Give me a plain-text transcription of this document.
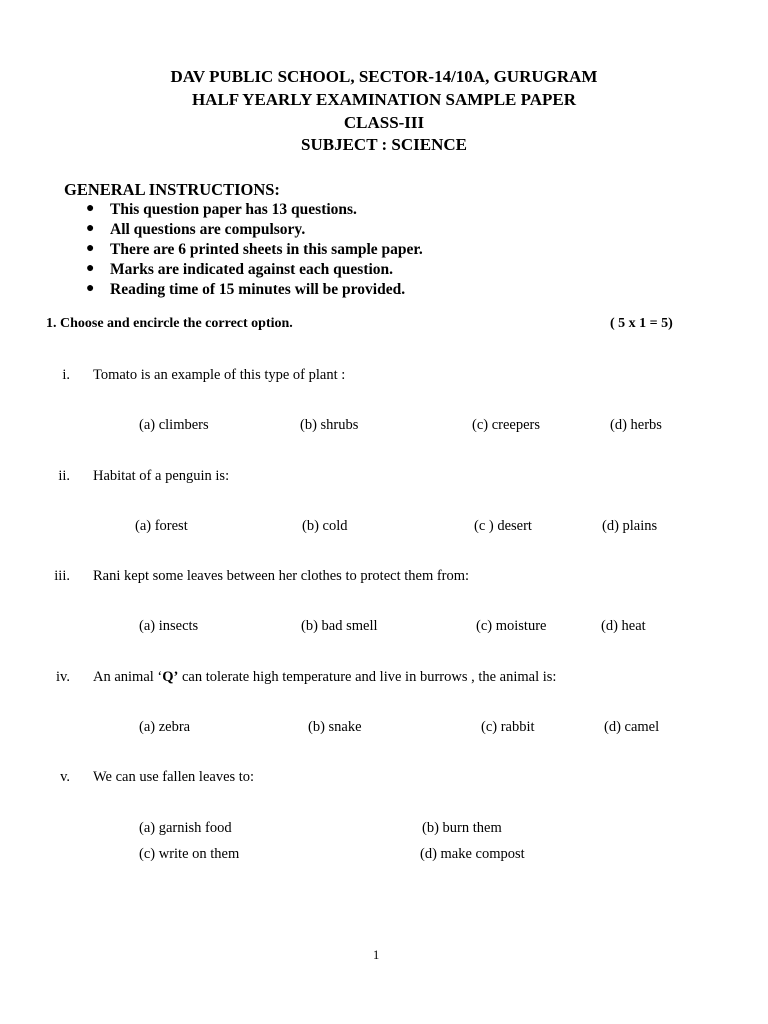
DAV PUBLIC SCHOOL, SECTOR-14/10A, GURUGRAM
HALF YEARLY EXAMINATION SAMPLE PAPER
CLASS-III
SUBJECT : SCIENCE
GENERAL INSTRUCTIONS:
● This question paper has 13 questions.
● All questions are compulsory.
● There are 6 printed sheets in this sample paper.
● Marks are indicated against each question.
● Reading time of 15 minutes will be provided.
1. Choose and encircle the correct option.	( 5 x 1 = 5)
i. Tomato is an example of this type of plant :
(a) climbers	(b) shrubs	(c) creepers	(d) herbs
ii. Habitat of a penguin is:
(a) forest	(b) cold	(c ) desert	(d) plains
iii. Rani kept some leaves between her clothes to protect them from:
(a) insects	(b) bad smell	(c) moisture	(d) heat
iv. An animal ‘Q’ can tolerate high temperature and live in burrows , the animal is:
(a) zebra	(b) snake	(c) rabbit	(d) camel
v. We can use fallen leaves to:
(a) garnish food	(b) burn them
(c) write on them	(d) make compost
1
